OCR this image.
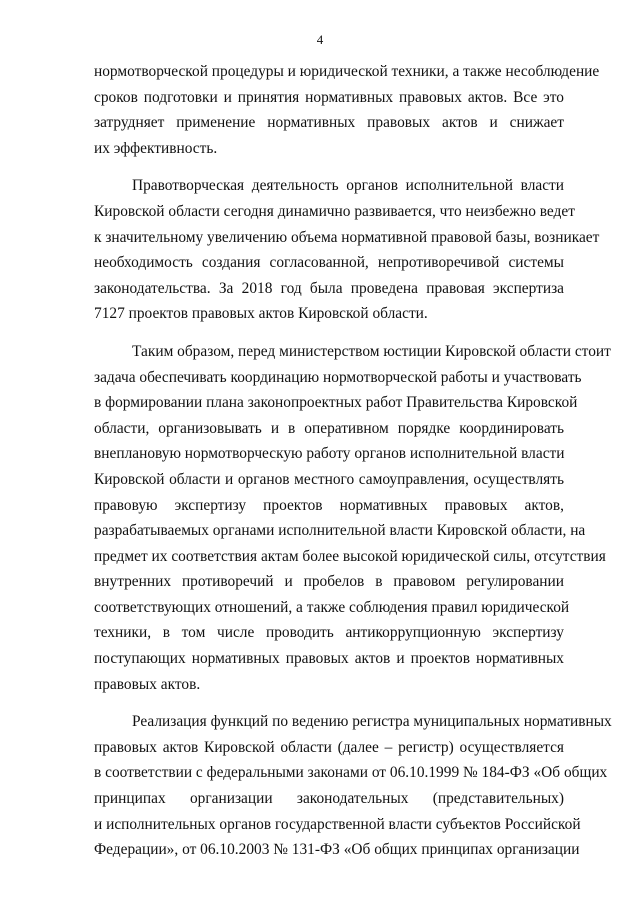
4
нормотворческой процедуры и юридической техники, а также несоблюдение
сроков подготовки и принятия нормативных правовых актов. Все это
затрудняет применение нормативных правовых актов и снижает
их эффективность.
Правотворческая деятельность органов исполнительной власти
Кировской области сегодня динамично развивается, что неизбежно ведет
к значительному увеличению объема нормативной правовой базы, возникает
необходимость создания согласованной, непротиворечивой системы
законодательства. За 2018 год была проведена правовая экспертиза
7127 проектов правовых актов Кировской области.
Таким образом, перед министерством юстиции Кировской области стоит
задача обеспечивать координацию нормотворческой работы и участвовать
в формировании плана законопроектных работ Правительства Кировской
области, организовывать и в оперативном порядке координировать
внеплановую нормотворческую работу органов исполнительной власти
Кировской области и органов местного самоуправления, осуществлять
правовую экспертизу проектов нормативных правовых актов,
разрабатываемых органами исполнительной власти Кировской области, на
предмет их соответствия актам более высокой юридической силы, отсутствия
внутренних противоречий и пробелов в правовом регулировании
соответствующих отношений, а также соблюдения правил юридической
техники, в том числе проводить антикоррупционную экспертизу
поступающих нормативных правовых актов и проектов нормативных
правовых актов.
Реализация функций по ведению регистра муниципальных нормативных
правовых актов Кировской области (далее – регистр) осуществляется
в соответствии с федеральными законами от 06.10.1999 № 184-ФЗ «Об общих
принципах организации законодательных (представительных)
и исполнительных органов государственной власти субъектов Российской
Федерации», от 06.10.2003 № 131-ФЗ «Об общих принципах организации
